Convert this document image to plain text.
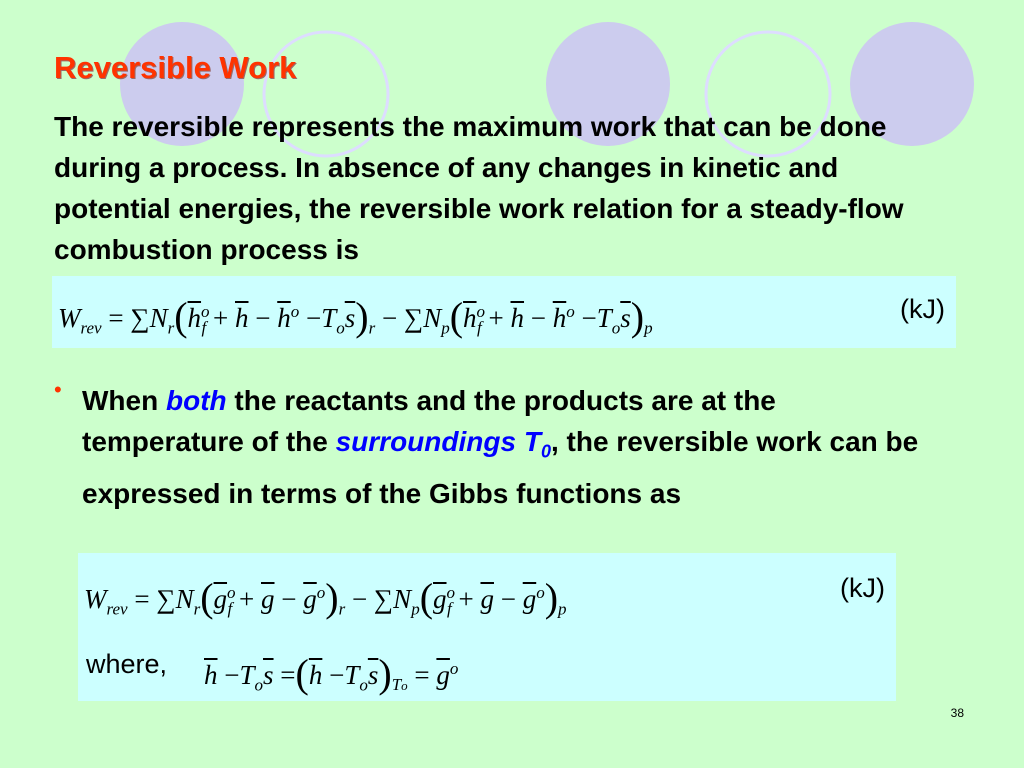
Reversible Work
The reversible represents the maximum work that can be done during a process. In absence of any changes in kinetic and potential energies, the reversible work relation for a steady-flow combustion process is
$W_{rev} = \sum N_r(\overline{h}^o_f + \overline{h} - \overline{h}^o -T_o\overline{s})_r - \sum N_p(\overline{h}^o_f + \overline{h} - \overline{h}^o -T_o\overline{s})_p$
(kJ)
• When both the reactants and the products are at the temperature of the surroundings $T_0$, the reversible work can be expressed in terms of the Gibbs functions as
$W_{rev} = \sum N_r(\overline{g}^o_f + \overline{g} - \overline{g}^o)_r - \sum N_p(\overline{g}^o_f + \overline{g} - \overline{g}^o)_p$
(kJ)
where, $\overline{h} -T_o\overline{s} =(\overline{h} -T_o\overline{s})_{To} = \overline{g}^o$
38
